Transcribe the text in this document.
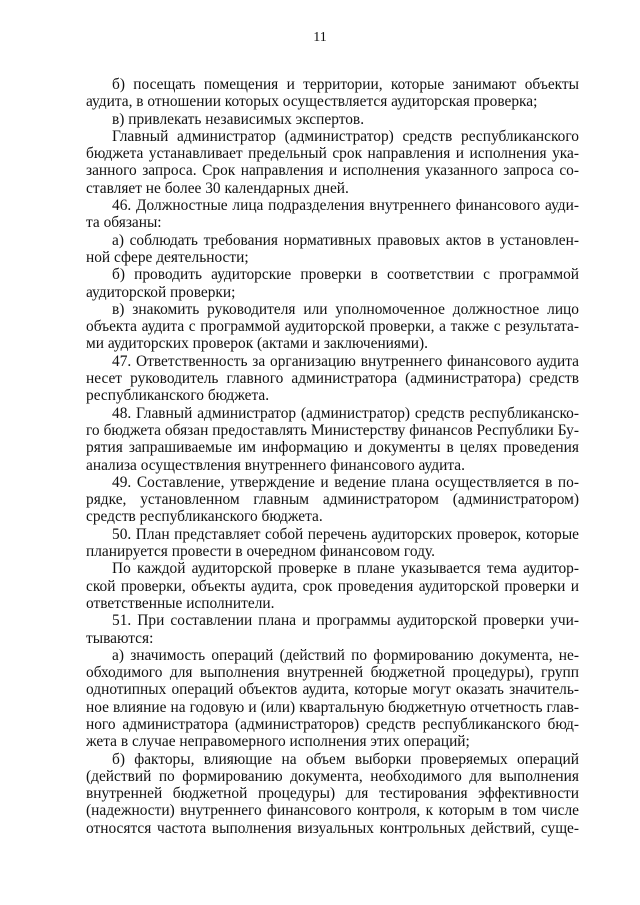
11

б) посещать помещения и территории, которые занимают объекты
аудита, в отношении которых осуществляется аудиторская проверка;

в) привлекать независимых экспертов.

Главный администратор (администратор) средств республиканского
бюджета устанавливает предельный срок направления и исполнения ука-
занного запроса. Срок направления и исполнения указанного запроса со-
ставляет не более 30 календарных дней.

46. Должностные лица подразделения внутреннего финансового ауди-
та обязаны:

а) соблюдать требования нормативных правовых актов в установлен-
ной сфере деятельности;

б) проводить аудиторские проверки в соответствии с программой
аудиторской проверки;

в) знакомить руководителя или уполномоченное должностное лицо
объекта аудита с программой аудиторской проверки, а также с результата-
ми аудиторских проверок (актами и заключениями).

47. Ответственность за организацию внутреннего финансового аудита
несет руководитель главного администратора (администратора) средств
республиканского бюджета.

48. Главный администратор (администратор) средств республиканско-
го бюджета обязан предоставлять Министерству финансов Республики Бу-
рятия запрашиваемые им информацию и документы в целях проведения
анализа осуществления внутреннего финансового аудита.

49. Составление, утверждение и ведение плана осуществляется в по-
рядке, установленном главным администратором (администратором)
средств республиканского бюджета.

50. План представляет собой перечень аудиторских проверок, которые
планируется провести в очередном финансовом году.

По каждой аудиторской проверке в плане указывается тема аудитор-
ской проверки, объекты аудита, срок проведения аудиторской проверки и
ответственные исполнители.

51. При составлении плана и программы аудиторской проверки учи-
тываются:

а) значимость операций (действий по формированию документа, не-
обходимого для выполнения внутренней бюджетной процедуры), групп
однотипных операций объектов аудита, которые могут оказать значитель-
ное влияние на годовую и (или) квартальную бюджетную отчетность глав-
ного администратора (администраторов) средств республиканского бюд-
жета в случае неправомерного исполнения этих операций;

б) факторы, влияющие на объем выборки проверяемых операций
(действий по формированию документа, необходимого для выполнения
внутренней бюджетной процедуры) для тестирования эффективности
(надежности) внутреннего финансового контроля, к которым в том числе
относятся частота выполнения визуальных контрольных действий, суще-
